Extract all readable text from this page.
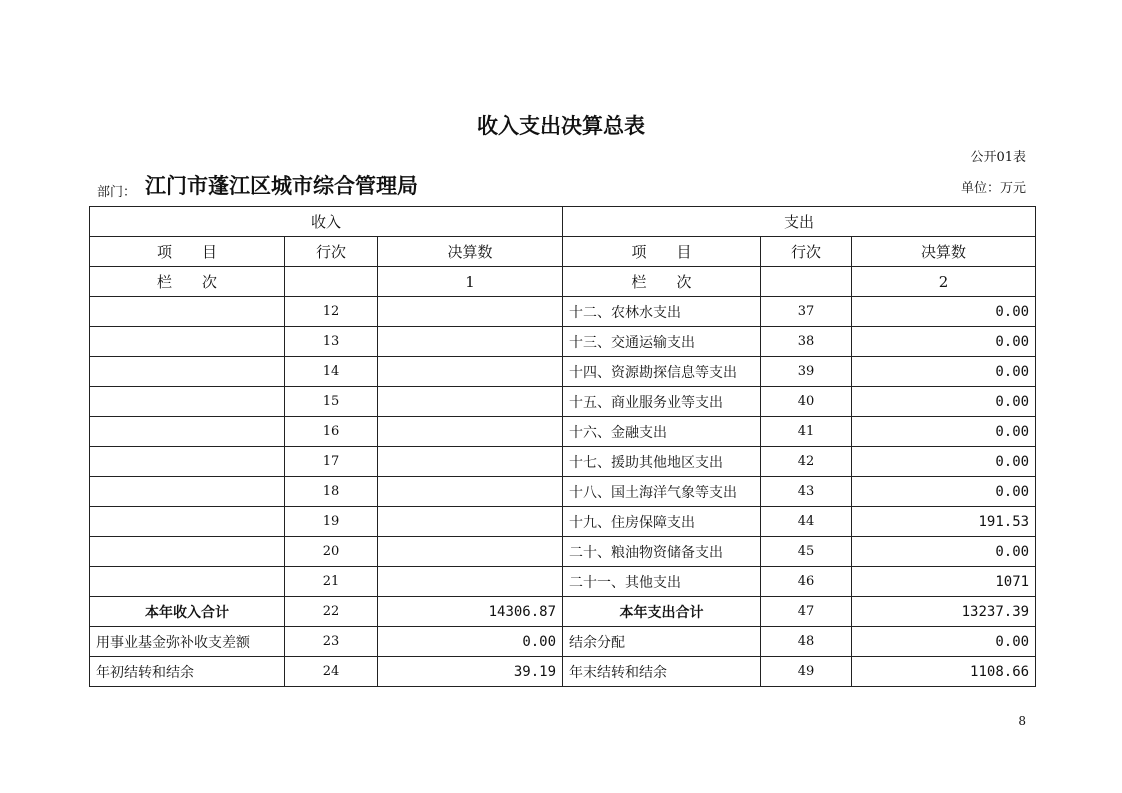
收入支出决算总表
公开01表
部门： 江门市蓬江区城市综合管理局	单位：万元
收入			支出		
项　　目	行次	决算数	项　　目	行次	决算数
栏　　次		1	栏　　次		2
	12		十二、农林水支出	37	0.00
	13		十三、交通运输支出	38	0.00
	14		十四、资源勘探信息等支出	39	0.00
	15		十五、商业服务业等支出	40	0.00
	16		十六、金融支出	41	0.00
	17		十七、援助其他地区支出	42	0.00
	18		十八、国土海洋气象等支出	43	0.00
	19		十九、住房保障支出	44	191.53
	20		二十、粮油物资储备支出	45	0.00
	21		二十一、其他支出	46	1071
本年收入合计	22	14306.87	本年支出合计	47	13237.39
用事业基金弥补收支差额	23	0.00	结余分配	48	0.00
年初结转和结余	24	39.19	年末结转和结余	49	1108.66
8
